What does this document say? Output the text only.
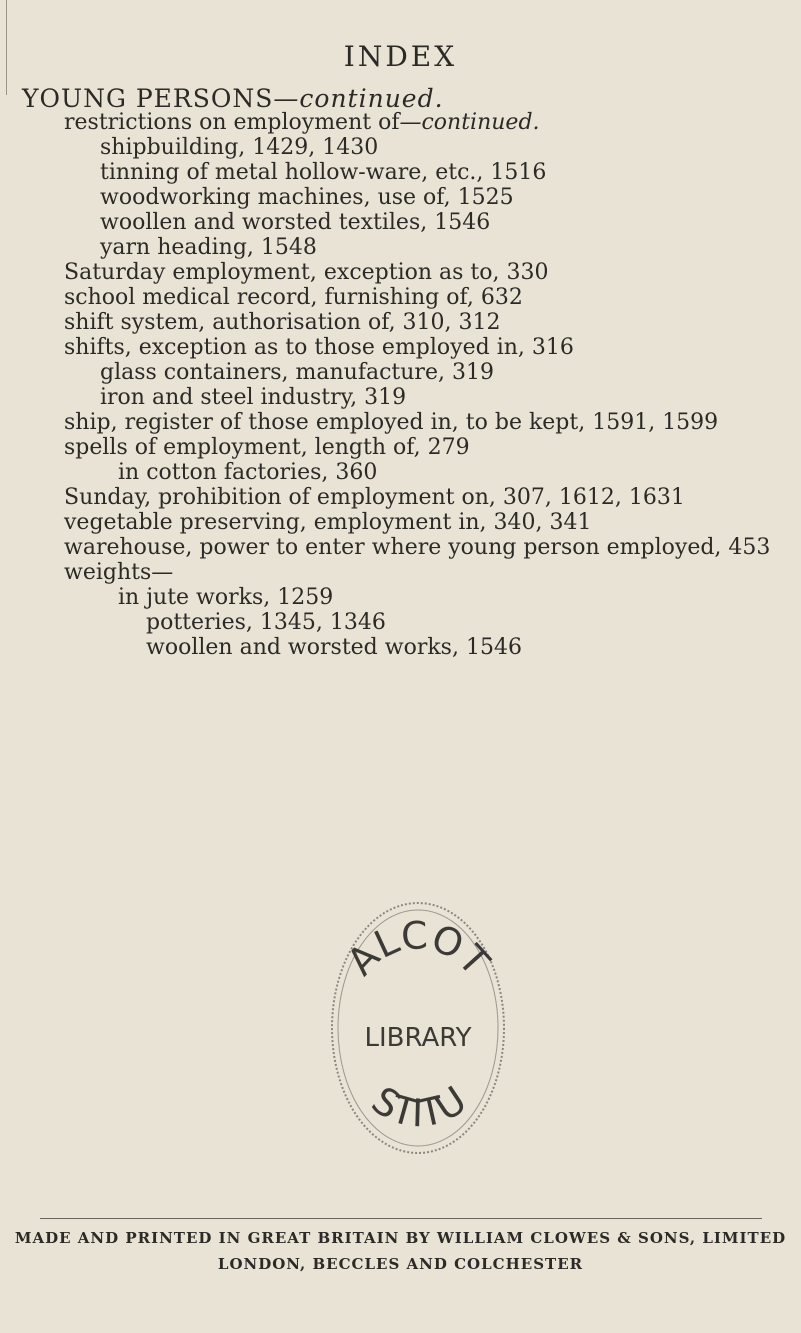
INDEX
YOUNG PERSONS—continued.
restrictions on employment of—continued.
shipbuilding, 1429, 1430
tinning of metal hollow-ware, etc., 1516
woodworking machines, use of, 1525
woollen and worsted textiles, 1546
yarn heading, 1548
Saturday employment, exception as to, 330
school medical record, furnishing of, 632
shift system, authorisation of, 310, 312
shifts, exception as to those employed in, 316
glass containers, manufacture, 319
iron and steel industry, 319
ship, register of those employed in, to be kept, 1591, 1599
spells of employment, length of, 279
in cotton factories, 360
Sunday, prohibition of employment on, 307, 1612, 1631
vegetable preserving, employment in, 340, 341
warehouse, power to enter where young person employed, 453
weights—
in jute works, 1259
potteries, 1345, 1346
woollen and worsted works, 1546
ALCOT
LIBRARY
STITU
MADE AND PRINTED IN GREAT BRITAIN BY WILLIAM CLOWES & SONS, LIMITED
LONDON, BECCLES AND COLCHESTER
